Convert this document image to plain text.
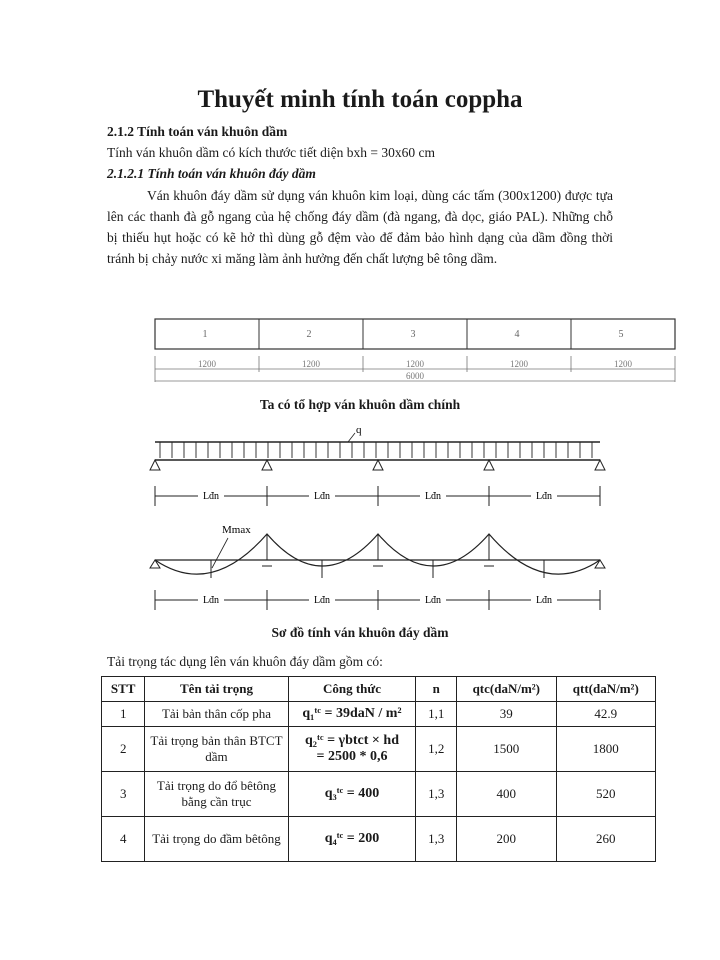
Thuyết minh tính toán coppha
2.1.2 Tính toán ván khuôn dầm
Tính ván khuôn dầm có kích thước tiết diện bxh = 30x60 cm
2.1.2.1 Tính toán ván khuôn đáy dầm
Ván khuôn đáy dầm sử dụng ván khuôn kim loại, dùng các tấm (300x1200) được tựa lên các thanh đà gỗ ngang của hệ chống đáy dầm (đà ngang, đà dọc, giáo PAL). Những chỗ bị thiếu hụt hoặc có kẽ hở thì dùng gỗ đệm vào để đảm bảo hình dạng của dầm đồng thời tránh bị chảy nước xi măng làm ảnh hưởng đến chất lượng bê tông dầm.
1	2	3	4	5
1200	1200	1200	1200	1200
6000
Ta có tổ hợp ván khuôn dầm chính
q
Lđn	Lđn	Lđn	Lđn
Mmax
Lđn	Lđn	Lđn	Lđn
Sơ đồ tính ván khuôn đáy dầm
Tải trọng tác dụng lên ván khuôn đáy dầm gồm có:
STT	Tên tải trọng	Công thức	n	qtc(daN/m²)	qtt(daN/m²)
1	Tải bản thân cốp pha	q₁ᵗᶜ = 39daN / m²	1,1	39	42.9
2	Tải trọng bản thân BTCT dầm	q₂ᵗᶜ = γbtct × hd
= 2500 * 0,6	1,2	1500	1800
3	Tải trọng do đổ bêtông bằng cần trục	q₃ᵗᶜ = 400	1,3	400	520
4	Tải trọng do đầm bêtông	q₄ᵗᶜ = 200	1,3	200	260
